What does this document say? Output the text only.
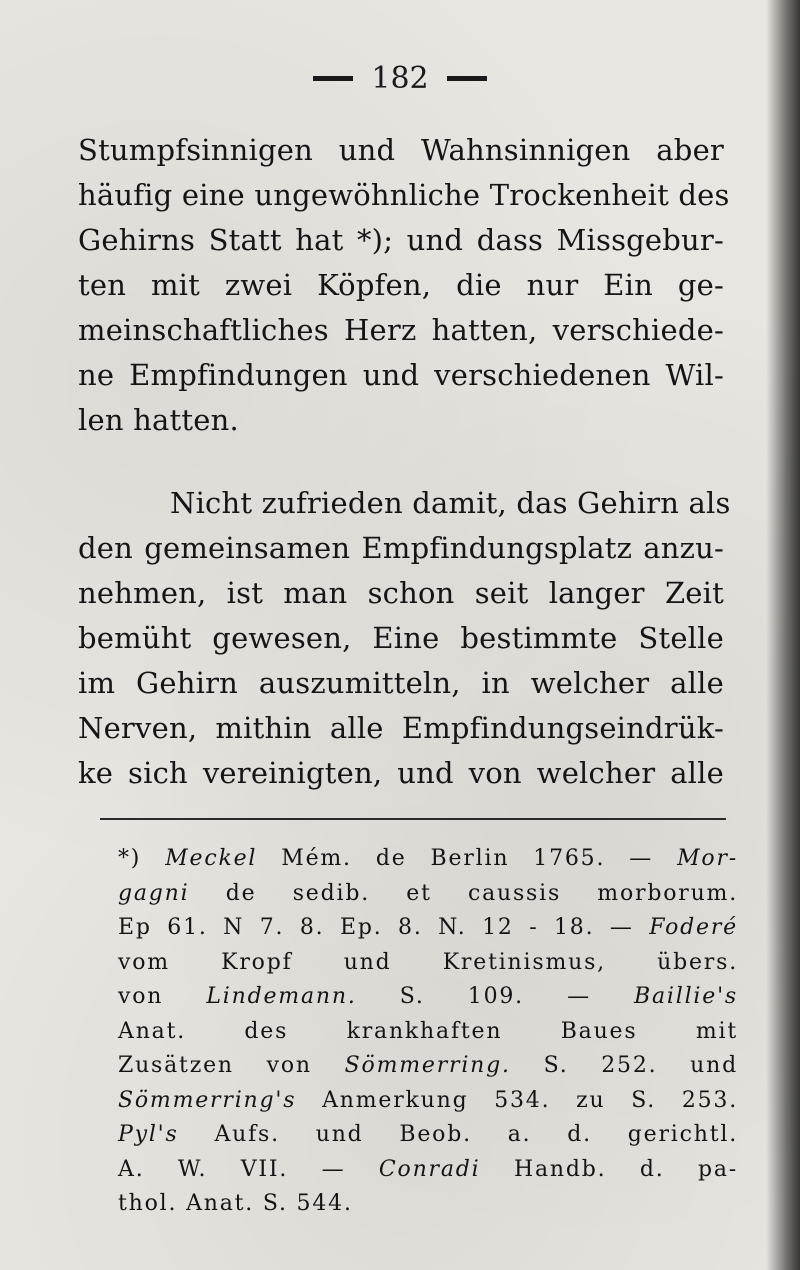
182
Stumpfsinnigen und Wahnsinnigen aber
häufig eine ungewöhnliche Trockenheit des
Gehirns Statt hat *); und dass Missgebur-
ten mit zwei Köpfen, die nur Ein ge-
meinschaftliches Herz hatten, verschiede-
ne Empfindungen und verschiedenen Wil-
len hatten.
Nicht zufrieden damit, das Gehirn als
den gemeinsamen Empfindungsplatz anzu-
nehmen, ist man schon seit langer Zeit
bemüht gewesen, Eine bestimmte Stelle
im Gehirn auszumitteln, in welcher alle
Nerven, mithin alle Empfindungseindrük-
ke sich vereinigten, und von welcher alle
*) Meckel Mém. de Berlin 1765. — Mor-
gagni de sedib. et caussis morborum.
Ep 61. N 7. 8. Ep. 8. N. 12 - 18. — Foderé
vom Kropf und Kretinismus, übers.
von Lindemann. S. 109. — Baillie's
Anat. des krankhaften Baues mit
Zusätzen von Sömmerring. S. 252. und
Sömmerring's Anmerkung 534. zu S. 253.
Pyl's Aufs. und Beob. a. d. gerichtl.
A. W. VII. — Conradi Handb. d. pa-
thol. Anat. S. 544.
